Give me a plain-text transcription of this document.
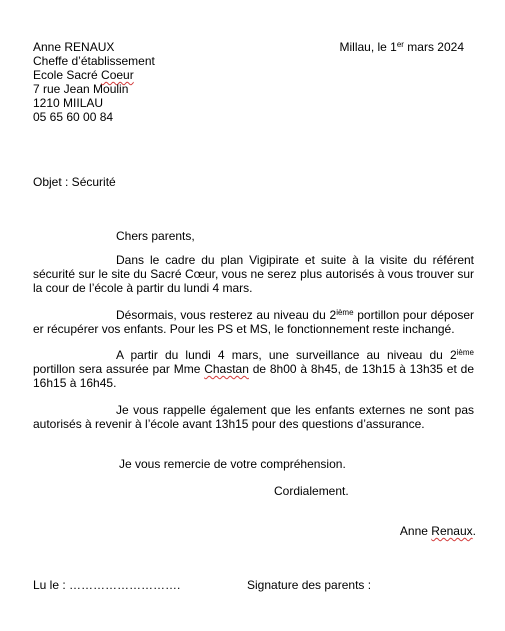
Anne RENAUX
Cheffe d’établissement
Ecole Sacré Coeur
7 rue Jean Moulin
1210 MIILAU
05 65 60 00 84
Millau, le 1er mars 2024
Objet : Sécurité
Chers parents,

Dans le cadre du plan Vigipirate et suite à la visite du référent sécurité sur le site du Sacré Cœur, vous ne serez plus autorisés à vous trouver sur la cour de l’école à partir du lundi 4 mars.

Désormais, vous resterez au niveau du 2ième portillon pour déposer er récupérer vos enfants. Pour les PS et MS, le fonctionnement reste inchangé.

A partir du lundi 4 mars, une surveillance au niveau du 2ième portillon sera assurée par Mme Chastan de 8h00 à 8h45, de 13h15 à 13h35 et de 16h15 à 16h45.

Je vous rappelle également que les enfants externes ne sont pas autorisés à revenir à l’école avant 13h15 pour des questions d’assurance.

Je vous remercie de votre compréhension.
Cordialement.
Anne Renaux.
Lu le : ……………………….	Signature des parents :
